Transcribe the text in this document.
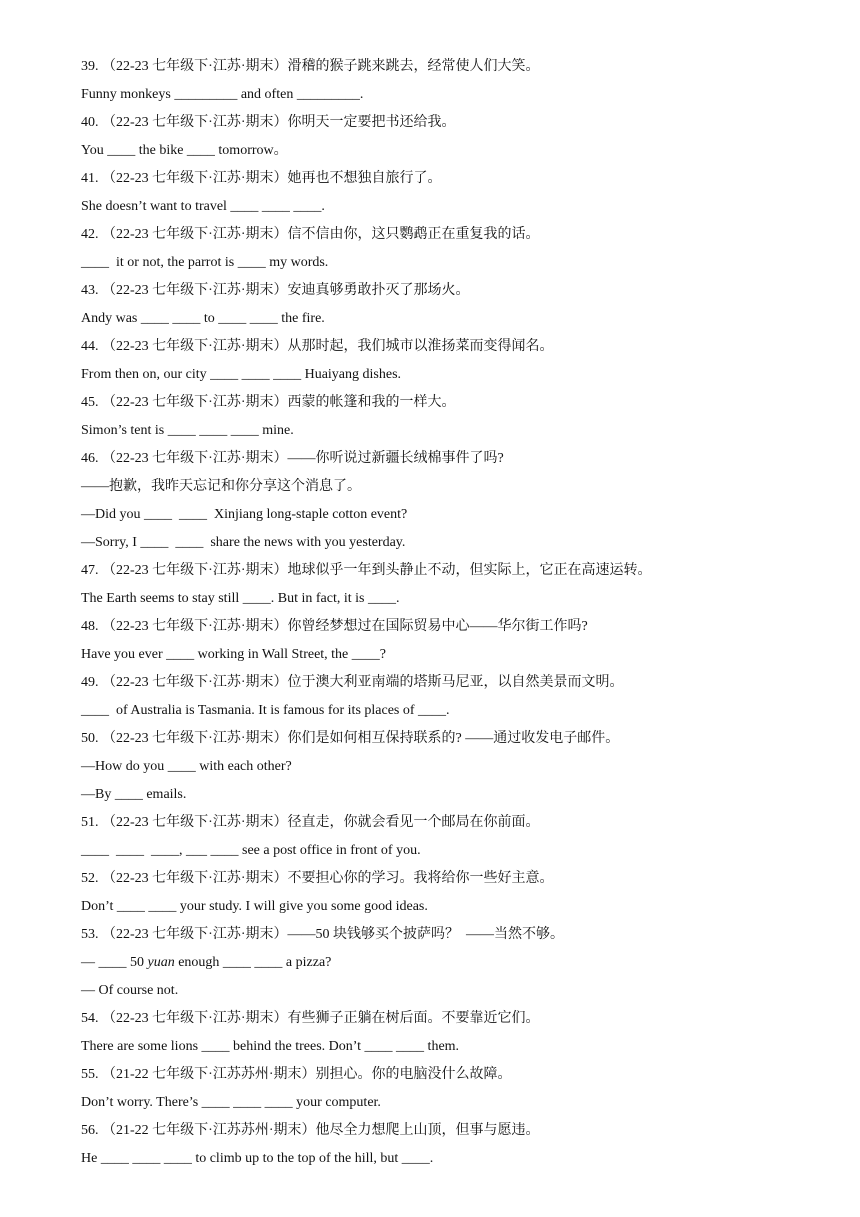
39. （22-23 七年级下·江苏·期末）滑稽的猴子跳来跳去，经常使人们大笑。
Funny monkeys _________ and often _________.
40. （22-23 七年级下·江苏·期末）你明天一定要把书还给我。
You ____ the bike ____ tomorrow。
41. （22-23 七年级下·江苏·期末）她再也不想独自旅行了。
She doesn’t want to travel ____ ____ ____.
42. （22-23 七年级下·江苏·期末）信不信由你，这只鹦鹉正在重复我的话。
____  it or not, the parrot is ____ my words.
43. （22-23 七年级下·江苏·期末）安迪真够勇敢扑灭了那场火。
Andy was ____ ____ to ____ ____ the fire.
44. （22-23 七年级下·江苏·期末）从那时起，我们城市以淮扬菜而变得闻名。
From then on, our city ____ ____ ____ Huaiyang dishes.
45. （22-23 七年级下·江苏·期末）西蒙的帐篷和我的一样大。
Simon’s tent is ____ ____ ____ mine.
46. （22-23 七年级下·江苏·期末）——你听说过新疆长绒棉事件了吗?
——抱歉，我昨天忘记和你分享这个消息了。
—Did you ____  ____  Xinjiang long-staple cotton event?
—Sorry, I ____  ____  share the news with you yesterday.
47. （22-23 七年级下·江苏·期末）地球似乎一年到头静止不动，但实际上，它正在高速运转。
The Earth seems to stay still ____. But in fact, it is ____.
48. （22-23 七年级下·江苏·期末）你曾经梦想过在国际贸易中心——华尔街工作吗?
Have you ever ____ working in Wall Street, the ____?
49. （22-23 七年级下·江苏·期末）位于澳大利亚南端的塔斯马尼亚，以自然美景而文明。
____  of Australia is Tasmania. It is famous for its places of ____.
50. （22-23 七年级下·江苏·期末）你们是如何相互保持联系的? ——通过收发电子邮件。
—How do you ____ with each other?
—By ____ emails.
51. （22-23 七年级下·江苏·期末）径直走，你就会看见一个邮局在你前面。
____  ____  ____, ___ ____ see a post office in front of you.
52. （22-23 七年级下·江苏·期末）不要担心你的学习。我将给你一些好主意。
Don’t ____ ____ your study. I will give you some good ideas.
53. （22-23 七年级下·江苏·期末）——50 块钱够买个披萨吗？  ——当然不够。
— ____ 50 yuan enough ____ ____ a pizza?
— Of course not.
54. （22-23 七年级下·江苏·期末）有些狮子正躺在树后面。不要靠近它们。
There are some lions ____ behind the trees. Don’t ____ ____ them.
55. （21-22 七年级下·江苏苏州·期末）别担心。你的电脑没什么故障。
Don’t worry. There’s ____ ____ ____ your computer.
56. （21-22 七年级下·江苏苏州·期末）他尽全力想爬上山顶，但事与愿违。
He ____ ____ ____ to climb up to the top of the hill, but ____.
